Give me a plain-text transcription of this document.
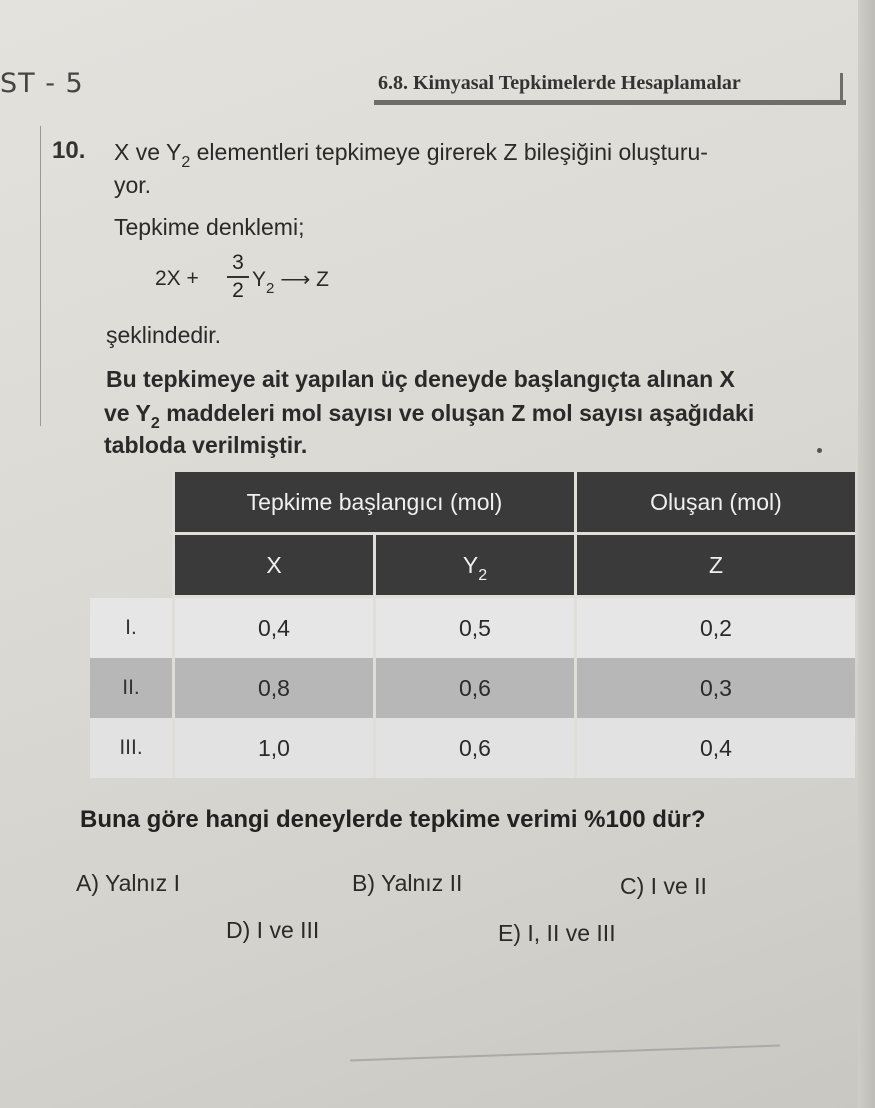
ST - 5	6.8. Kimyasal Tepkimelerde Hesaplamalar
10. X ve $Y_2$ elementleri tepkimeye girerek Z bileşiğini oluşturu-
yor.
Tepkime denklemi;
2X +
3
2 $Y_2$ ⟶ Z
şeklindedir.
Bu tepkimeye ait yapılan üç deneyde başlangıçta alınan X
ve $Y_2$ maddeleri mol sayısı ve oluşan Z mol sayısı aşağıdaki
tabloda verilmiştir.
	Tepkime başlangıcı (mol)		Oluşan (mol)
	X	$Y_2$	Z
I.	0,4	0,5	0,2
II.	0,8	0,6	0,3
III.	1,0	0,6	0,4
Buna göre hangi deneylerde tepkime verimi %100 dür?
A) Yalnız I	B) Yalnız II	C) I ve II
D) I ve III	E) I, II ve III
